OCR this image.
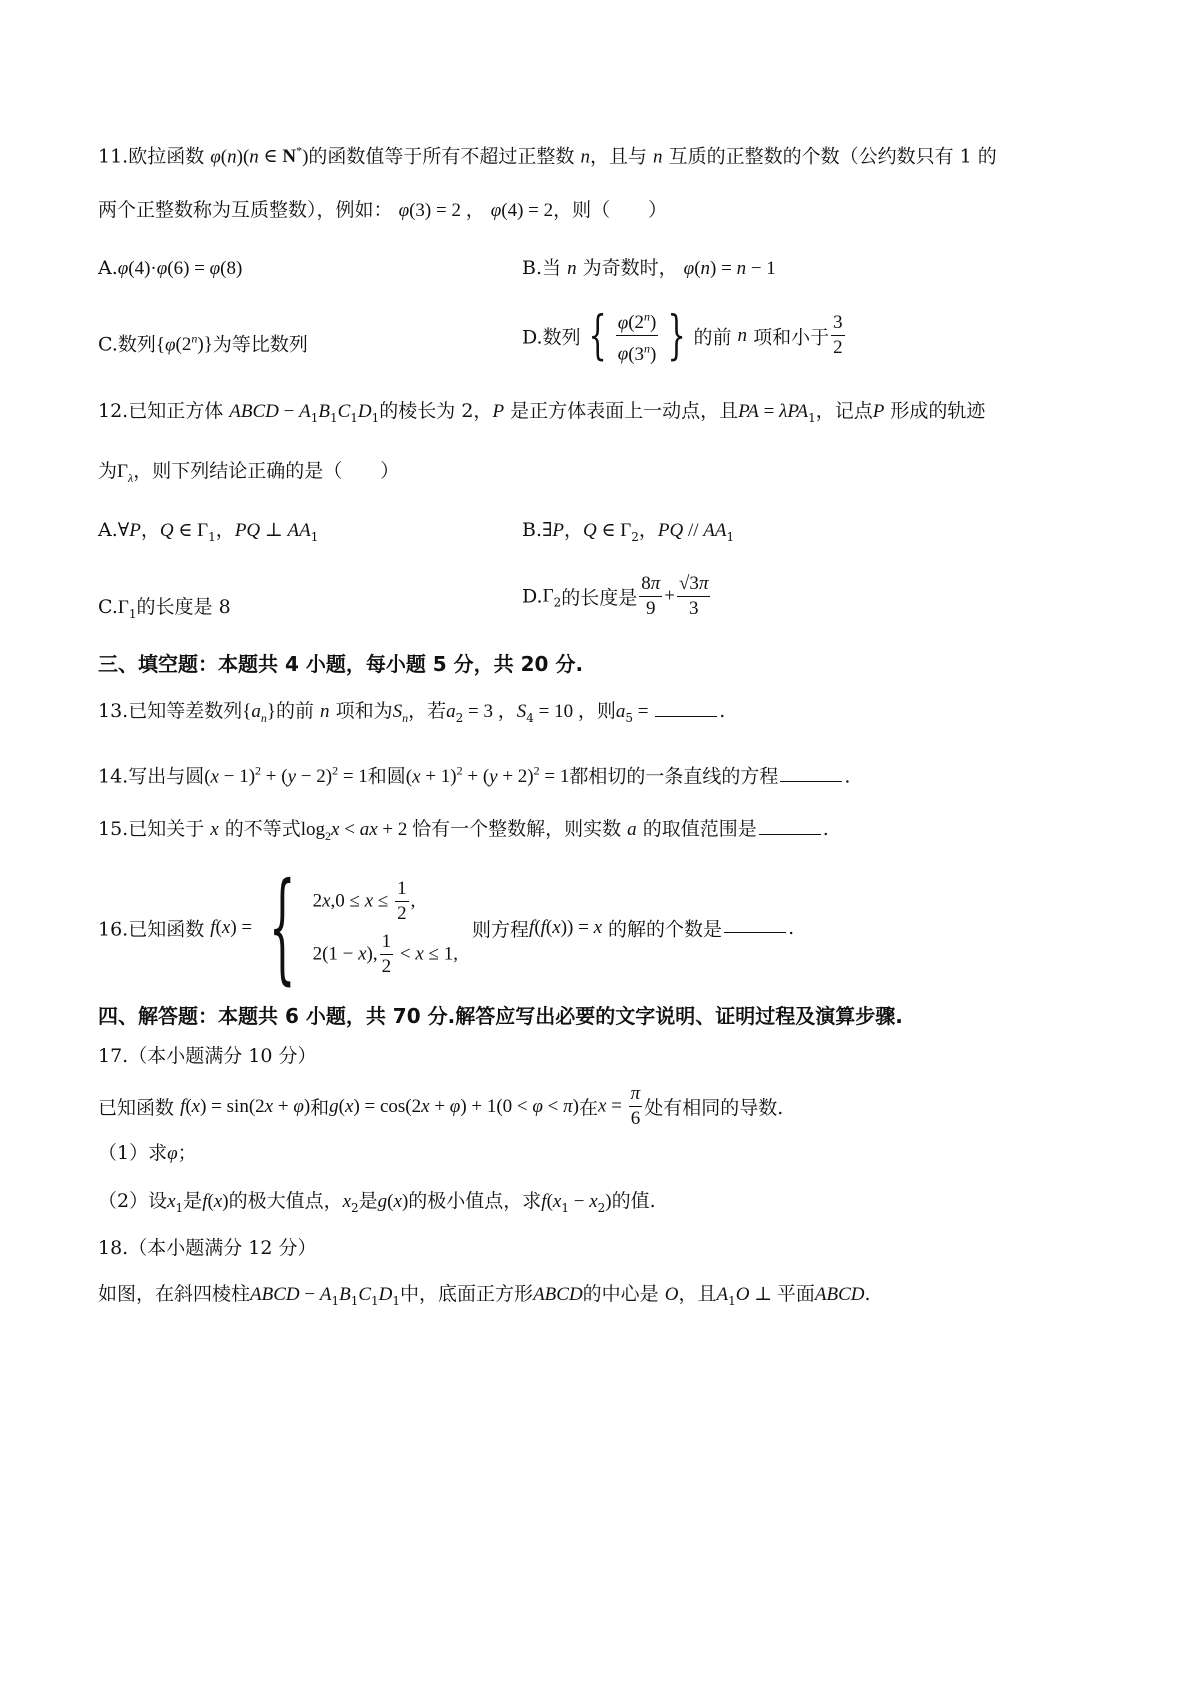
11.欧拉函数 φ(n)(n ∈ N*)的函数值等于所有不超过正整数 n，且与 n 互质的正整数的个数（公约数只有 1 的
两个正整数称为互质整数），例如： φ(3) = 2 ， φ(4) = 2，则（　　）
A.φ(4)·φ(6) = φ(8)	B.当 n 为奇数时， φ(n) = n − 1
C.数列{φ(2$^n$)}为等比数列	D.数列 { $\frac{\varphi(2^n)}{\varphi(3^n)}$ } 的前 n 项和小于 $\frac{3}{2}$
12.已知正方体 ABCD − $A_1B_1C_1D_1$的棱长为 2，P 是正方体表面上一动点，且PA = λPA$_1$，记点P 形成的轨迹
为$\Gamma_\lambda$，则下列结论正确的是（　　）
A.∀P，Q ∈ $\Gamma_1$，PQ ⊥ $AA_1$	B.∃P，Q ∈ $\Gamma_2$，PQ // $AA_1$
$C.\Gamma_1$的长度是 8	$D.\Gamma_2$的长度是 $\frac{8\pi}{9} + \frac{√3\pi}{3}$
三、填空题：本题共 4 小题，每小题 5 分，共 20 分.
13.已知等差数列$\{a_n\}$的前 n 项和为$S_n$，若$a_2 = 3$ ，$S_4 = 10$ ，则$a_5$ =	.
14.写出与圆$(x - 1)^2 + (y - 2)^2 = 1$和圆$(x + 1)^2 + (y + 2)^2 = 1$都相切的一条直线的方程	.
15.已知关于 x 的不等式$\log_2x$ < ax + 2 恰有一个整数解，则实数 a 的取值范围是	.
16.已知函数 f(x) = { $2x,0 \le x \le \frac{1}{2}$ ,
2(1 − x), $\frac{1}{2} < x \le 1$,
则方程f(f(x)) = x 的解的个数是	.
四、解答题：本题共 6 小题，共 70 分.解答应写出必要的文字说明、证明过程及演算步骤.
17.（本小题满分 10 分）
已知函数 f(x) = sin(2x + φ)和g(x) = cos(2x + φ) + 1(0 < φ < π)在$x = \frac{\pi}{6}$ 处有相同的导数.
（1）求φ；
（2）设$x_1$是f(x)的极大值点，$x_2$是g(x)的极小值点，求$f(x_1 - x_2)$的值.
18.（本小题满分 12 分）
如图，在斜四棱柱ABCD − $A_1B_1C_1D_1$中，底面正方形ABCD的中心是 O，且$A_1O$ ⊥ 平面ABCD.
